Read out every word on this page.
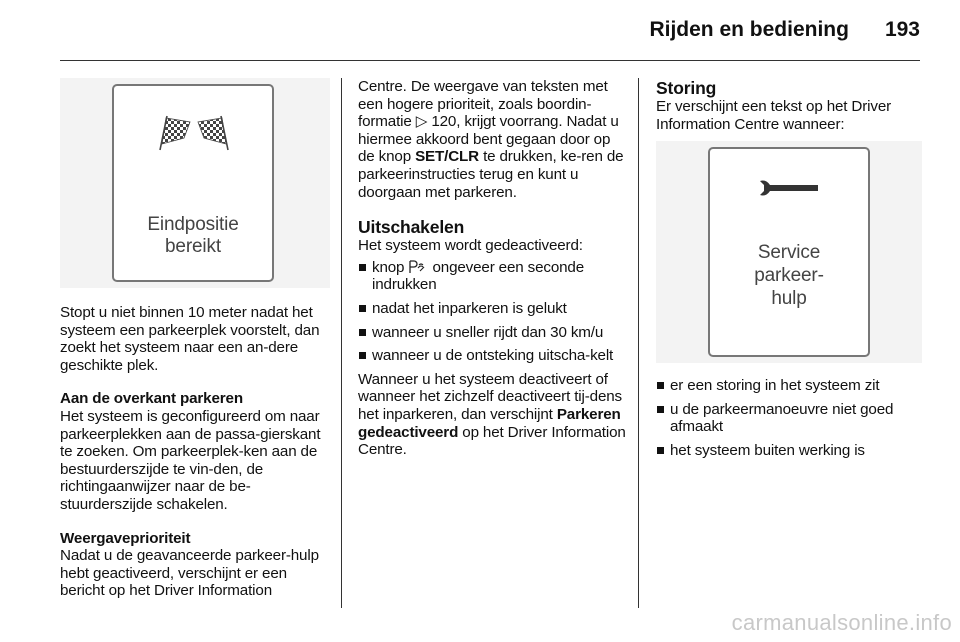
Rijden en bediening 193
Eindpositie
bereikt

Stopt u niet binnen 10 meter nadat het systeem een parkeerplek voorstelt, dan zoekt het systeem naar een an-dere geschikte plek.

Aan de overkant parkeren

Het systeem is geconfigureerd om naar parkeerplekken aan de passa-gierskant te zoeken. Om parkeerplek-ken aan de bestuurderszijde te vin-den, de richtingaanwijzer naar de be-stuurderszijde schakelen.

Weergaveprioriteit

Nadat u de geavanceerde parkeer-hulp hebt geactiveerd, verschijnt er een bericht op het Driver Information

Centre. De weergave van teksten met een hogere prioriteit, zoals boordin-formatie ▷ 120, krijgt voorrang. Nadat u hiermee akkoord bent gegaan door op de knop SET/CLR te drukken, ke-ren de parkeerinstructies terug en kunt u doorgaan met parkeren.

Uitschakelen

Het systeem wordt gedeactiveerd:

knop  ongeveer een seconde indrukken
nadat het inparkeren is gelukt
wanneer u sneller rijdt dan 30 km/u
wanneer u de ontsteking uitscha-kelt

Wanneer u het systeem deactiveert of wanneer het zichzelf deactiveert tij-dens het inparkeren, dan verschijnt Parkeren gedeactiveerd op het Driver Information Centre.

Storing

Er verschijnt een tekst op het Driver Information Centre wanneer:

Service
parkeer-
hulp
er een storing in het systeem zit
u de parkeermanoeuvre niet goed afmaakt
het systeem buiten werking is
carmanualsonline.info
